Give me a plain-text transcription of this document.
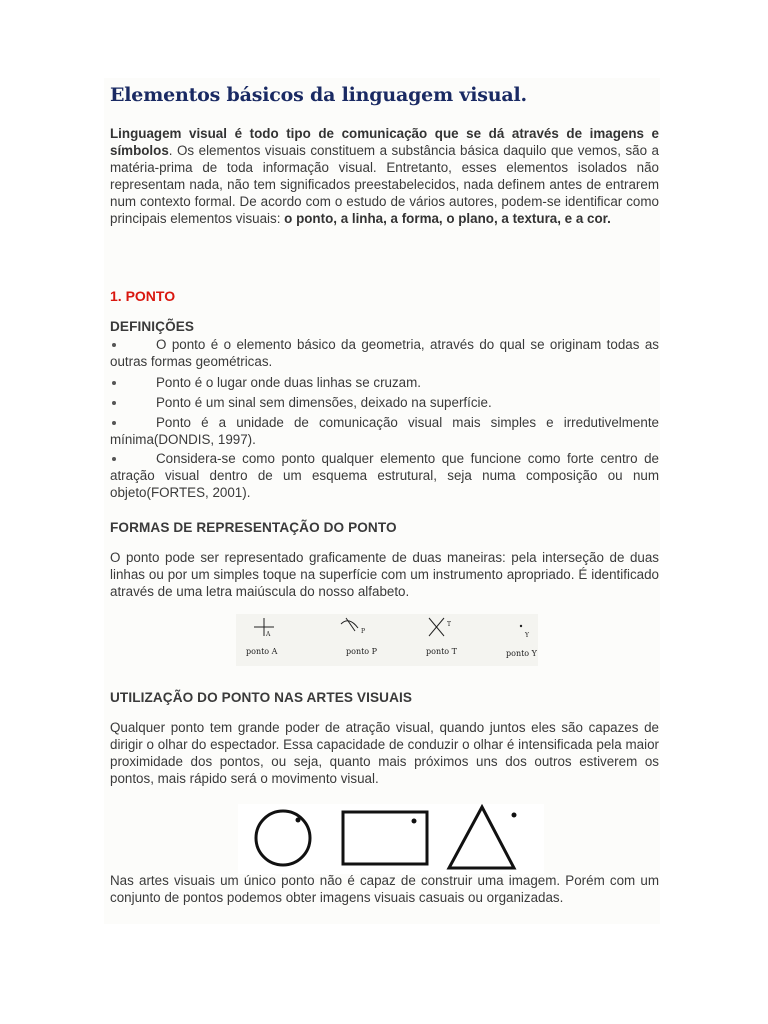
Elementos básicos da linguagem visual.

Linguagem visual é todo tipo de comunicação que se dá através de imagens e símbolos. Os elementos visuais constituem a substância básica daquilo que vemos, são a matéria-prima de toda informação visual. Entretanto, esses elementos isolados não representam nada, não tem significados preestabelecidos, nada definem antes de entrarem num contexto formal. De acordo com o estudo de vários autores, podem-se identificar como principais elementos visuais: o ponto, a linha, a forma, o plano, a textura, e a cor.

1. PONTO
DEFINIÇÕES

O ponto é o elemento básico da geometria, através do qual se originam todas as outras formas geométricas.

Ponto é o lugar onde duas linhas se cruzam.

Ponto é um sinal sem dimensões, deixado na superfície.

Ponto é a unidade de comunicação visual mais simples e irredutivelmente mínima(DONDIS, 1997).

Considera-se como ponto qualquer elemento que funcione como forte centro de atração visual dentro de um esquema estrutural, seja numa composição ou num objeto(FORTES, 2001).

FORMAS DE REPRESENTAÇÃO DO PONTO

O ponto pode ser representado graficamente de duas maneiras: pela interseção de duas linhas ou por um simples toque na superfície com um instrumento apropriado. É identificado através de uma letra maiúscula do nosso alfabeto.

A
ponto A
P
ponto P
T
ponto T
Y
ponto Y
UTILIZAÇÃO DO PONTO NAS ARTES VISUAIS

Qualquer ponto tem grande poder de atração visual, quando juntos eles são capazes de dirigir o olhar do espectador. Essa capacidade de conduzir o olhar é intensificada pela maior proximidade dos pontos, ou seja, quanto mais próximos uns dos outros estiverem os pontos, mais rápido será o movimento visual.

Nas artes visuais um único ponto não é capaz de construir uma imagem. Porém com um conjunto de pontos podemos obter imagens visuais casuais ou organizadas.
